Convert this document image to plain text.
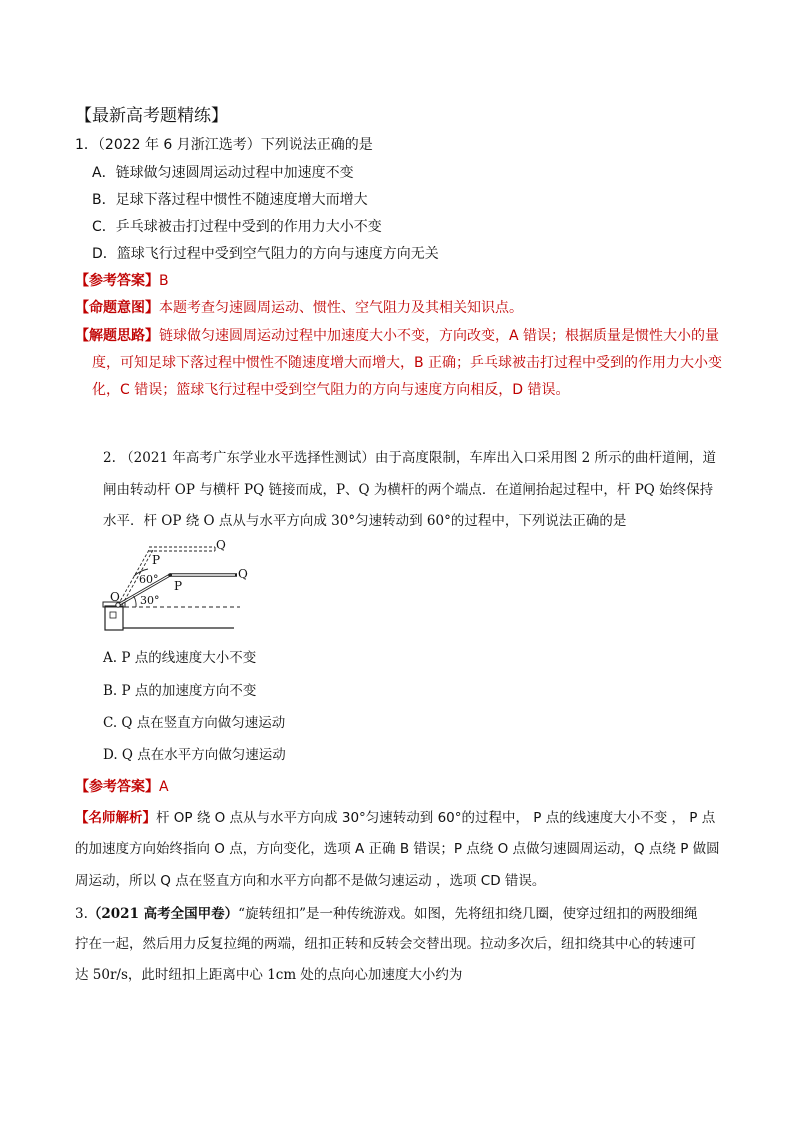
【最新高考题精练】
1．（2022 年 6 月浙江选考）下列说法正确的是
A．链球做匀速圆周运动过程中加速度不变
B．足球下落过程中惯性不随速度增大而增大
C．乒乓球被击打过程中受到的作用力大小不变
D．篮球飞行过程中受到空气阻力的方向与速度方向无关
【参考答案】B
【命题意图】本题考查匀速圆周运动、惯性、空气阻力及其相关知识点。
【解题思路】链球做匀速圆周运动过程中加速度大小不变，方向改变，A 错误；根据质量是惯性大小的量
度，可知足球下落过程中惯性不随速度增大而增大，B 正确；乒乓球被击打过程中受到的作用力大小变
化，C 错误；篮球飞行过程中受到空气阻力的方向与速度方向相反，D 错误。
2. （2021 年高考广东学业水平选择性测试）由于高度限制，车库出入口采用图 2 所示的曲杆道闸，道
闸由转动杆 OP 与横杆 PQ 链接而成，P、Q 为横杆的两个端点．在道闸抬起过程中，杆 PQ 始终保持
水平．杆 OP 绕 O 点从与水平方向成 30°匀速转动到 60°的过程中，下列说法正确的是
Q
P
60°	Q
P
O 30°
A. P 点的线速度大小不变
B. P 点的加速度方向不变
C. Q 点在竖直方向做匀速运动
D. Q 点在水平方向做匀速运动
【参考答案】A
【名师解析】杆 OP 绕 O 点从与水平方向成 30°匀速转动到 60°的过程中， P 点的线速度大小不变 ， P 点
的加速度方向始终指向 O 点，方向变化，选项 A 正确 B 错误；P 点绕 O 点做匀速圆周运动，Q 点绕 P 做圆
周运动，所以 Q 点在竖直方向和水平方向都不是做匀速运动 ，选项 CD 错误。
3.（2021 高考全国甲卷）“旋转纽扣”是一种传统游戏。如图，先将纽扣绕几圈，使穿过纽扣的两股细绳
拧在一起，然后用力反复拉绳的两端，纽扣正转和反转会交替出现。拉动多次后，纽扣绕其中心的转速可
达 50r/s，此时纽扣上距离中心 1cm 处的点向心加速度大小约为
